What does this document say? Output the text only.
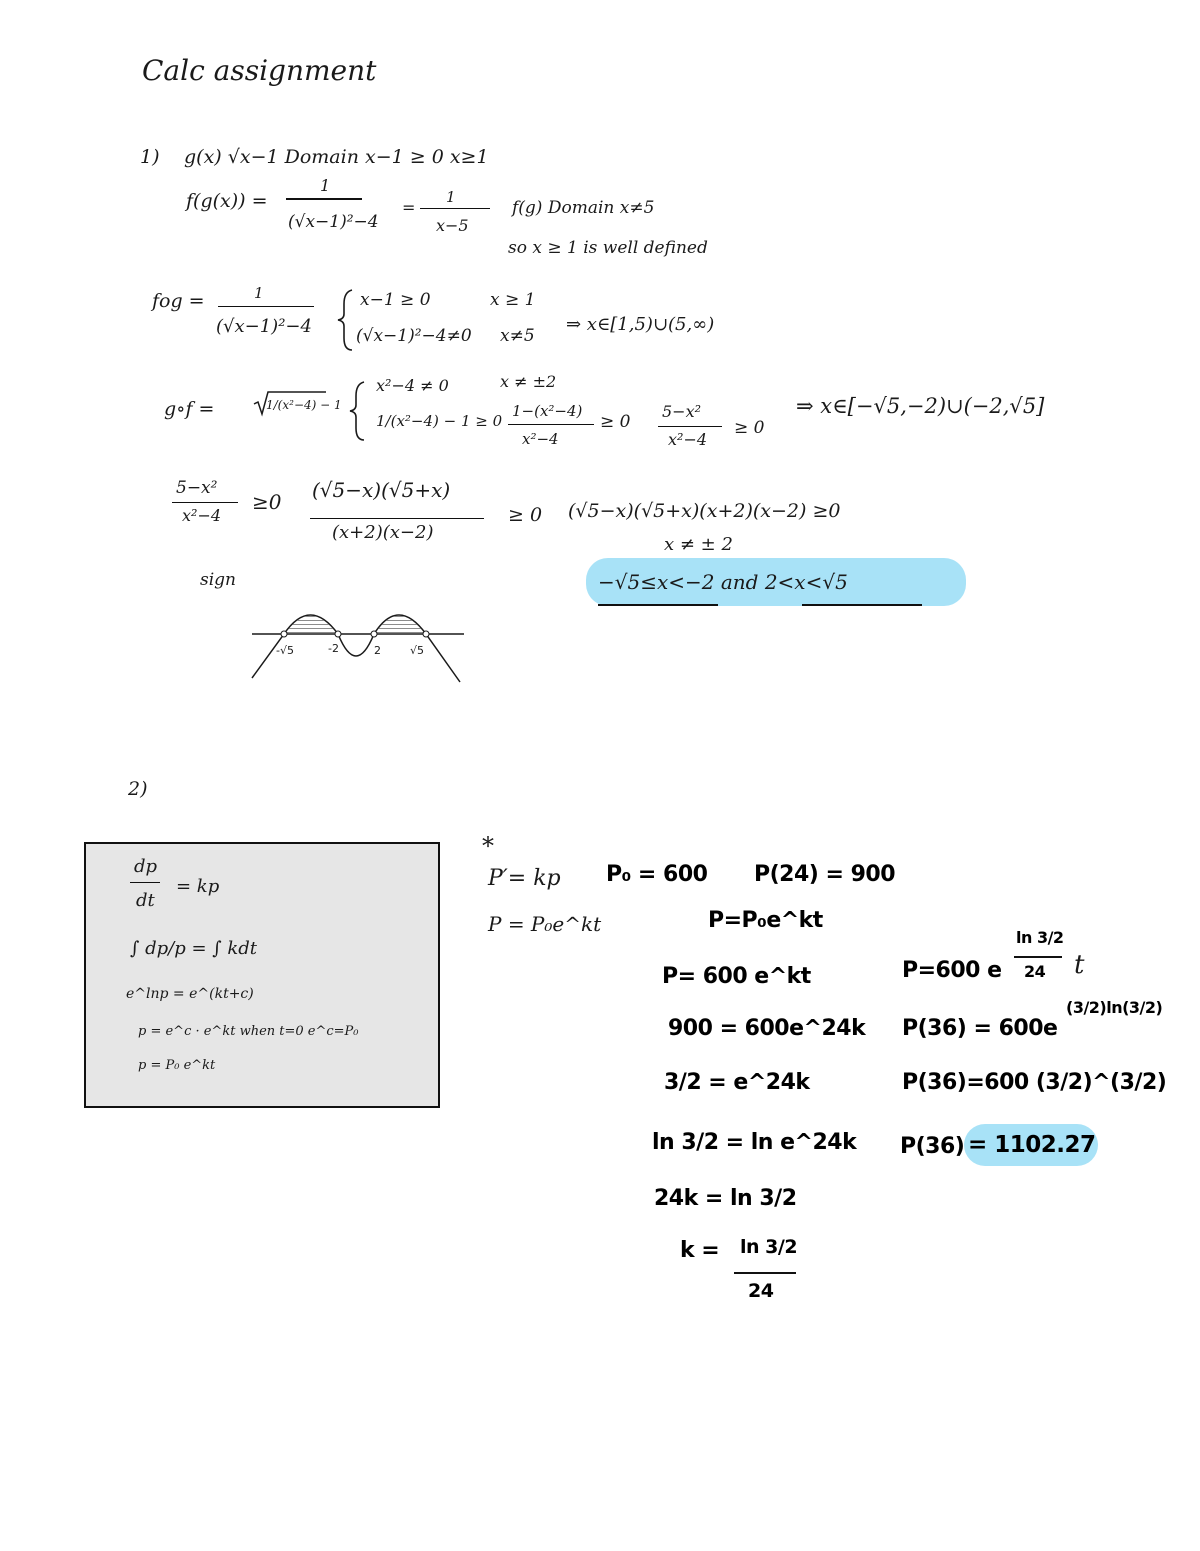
Calc assignment
1) g(x) √x−1 Domain x−1 ≥ 0 x≥1
f(g(x)) =
1
(√x−1)²−4
=
1
x−5
f(g) Domain x≠5
so x ≥ 1 is well defined
fog =	1
(√x−1)²−4
x−1 ≥ 0
(√x−1)²−4≠0
x ≥ 1
x≠5
⇒ x∈[1,5)∪(5,∞)
g∘f =	1/(x²−4) − 1
x²−4 ≠ 0	x ≠ ±2
1/(x²−4) − 1 ≥ 0
1−(x²−4)
x²−4
≥ 0
5−x²
x²−4
≥ 0
⇒ x∈[−√5,−2)∪(−2,√5]
5−x²
x²−4
≥0 (√5−x)(√5+x)
(x+2)(x−2)
≥ 0 (√5−x)(√5+x)(x+2)(x−2) ≥0
x ≠ ± 2
−√5≤x<−2 and 2<x<√5
sign
-√5	-2	2	√5
2)
dp
dt
= kp
∫ dp/p = ∫ kdt
e^lnp = e^(kt+c)
p = e^c · e^kt when t=0 e^c=P₀
p = P₀ e^kt
*
P′= kp P₀ = 600 P(24) = 900
P = P₀e^kt	P=P₀e^kt
P= 600 e^kt
900 = 600e^24k
3/2 = e^24k
ln 3/2 = ln e^24k
24k = ln 3/2
k = ln 3/2
24
P=600 e
ln 3/2
24 t
(3/2)ln(3/2)
P(36) = 600e
P(36)=600 (3/2)^(3/2)
P(36) = 1102.27
